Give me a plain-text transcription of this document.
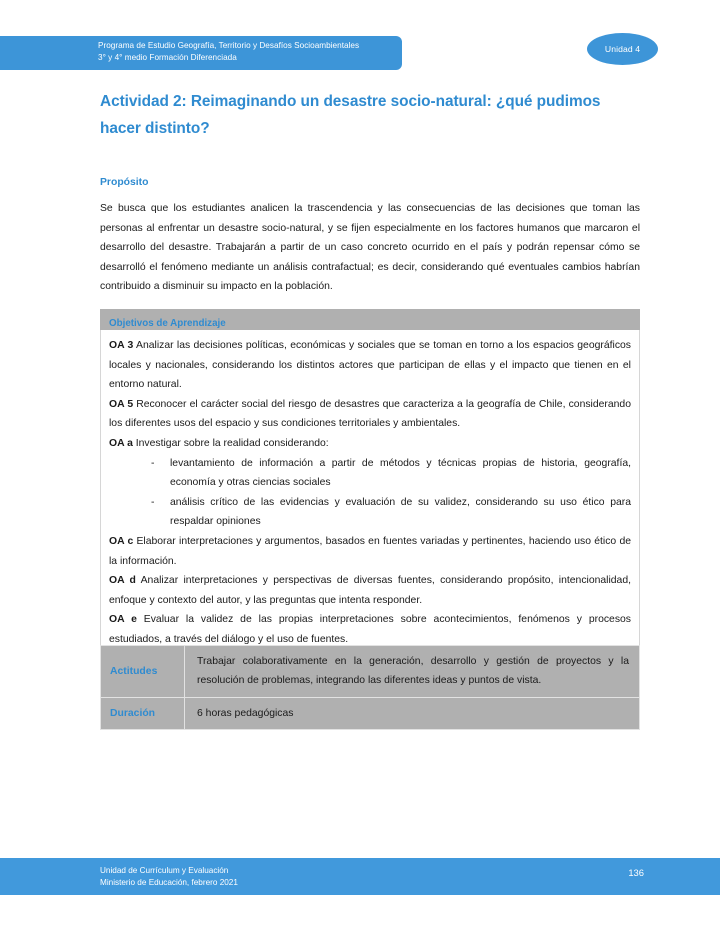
Programa de Estudio Geografía, Territorio y Desafíos Socioambientales
3° y 4° medio Formación Diferenciada
Unidad 4
Actividad 2: Reimaginando un desastre socio-natural: ¿qué pudimos hacer distinto?
Propósito
Se busca que los estudiantes analicen la trascendencia y las consecuencias de las decisiones que toman las personas al enfrentar un desastre socio-natural, y se fijen especialmente en los factores humanos que marcaron el desarrollo del desastre. Trabajarán a partir de un caso concreto ocurrido en el país y podrán repensar cómo se desarrolló el fenómeno mediante un análisis contrafactual; es decir, considerando qué eventuales cambios habrían contribuido a disminuir su impacto en la población.
Objetivos de Aprendizaje
OA 3 Analizar las decisiones políticas, económicas y sociales que se toman en torno a los espacios geográficos locales y nacionales, considerando los distintos actores que participan de ellas y el impacto que tienen en el entorno natural.
OA 5 Reconocer el carácter social del riesgo de desastres que caracteriza a la geografía de Chile, considerando los diferentes usos del espacio y sus condiciones territoriales y ambientales.
OA a Investigar sobre la realidad considerando:
- levantamiento de información a partir de métodos y técnicas propias de historia, geografía, economía y otras ciencias sociales
- análisis crítico de las evidencias y evaluación de su validez, considerando su uso ético para respaldar opiniones
OA c Elaborar interpretaciones y argumentos, basados en fuentes variadas y pertinentes, haciendo uso ético de la información.
OA d Analizar interpretaciones y perspectivas de diversas fuentes, considerando propósito, intencionalidad, enfoque y contexto del autor, y las preguntas que intenta responder.
OA e Evaluar la validez de las propias interpretaciones sobre acontecimientos, fenómenos y procesos estudiados, a través del diálogo y el uso de fuentes.
Actitudes	Trabajar colaborativamente en la generación, desarrollo y gestión de proyectos y la resolución de problemas, integrando las diferentes ideas y puntos de vista.
Duración	6 horas pedagógicas
Unidad de Currículum y Evaluación
Ministerio de Educación, febrero 2021
136
